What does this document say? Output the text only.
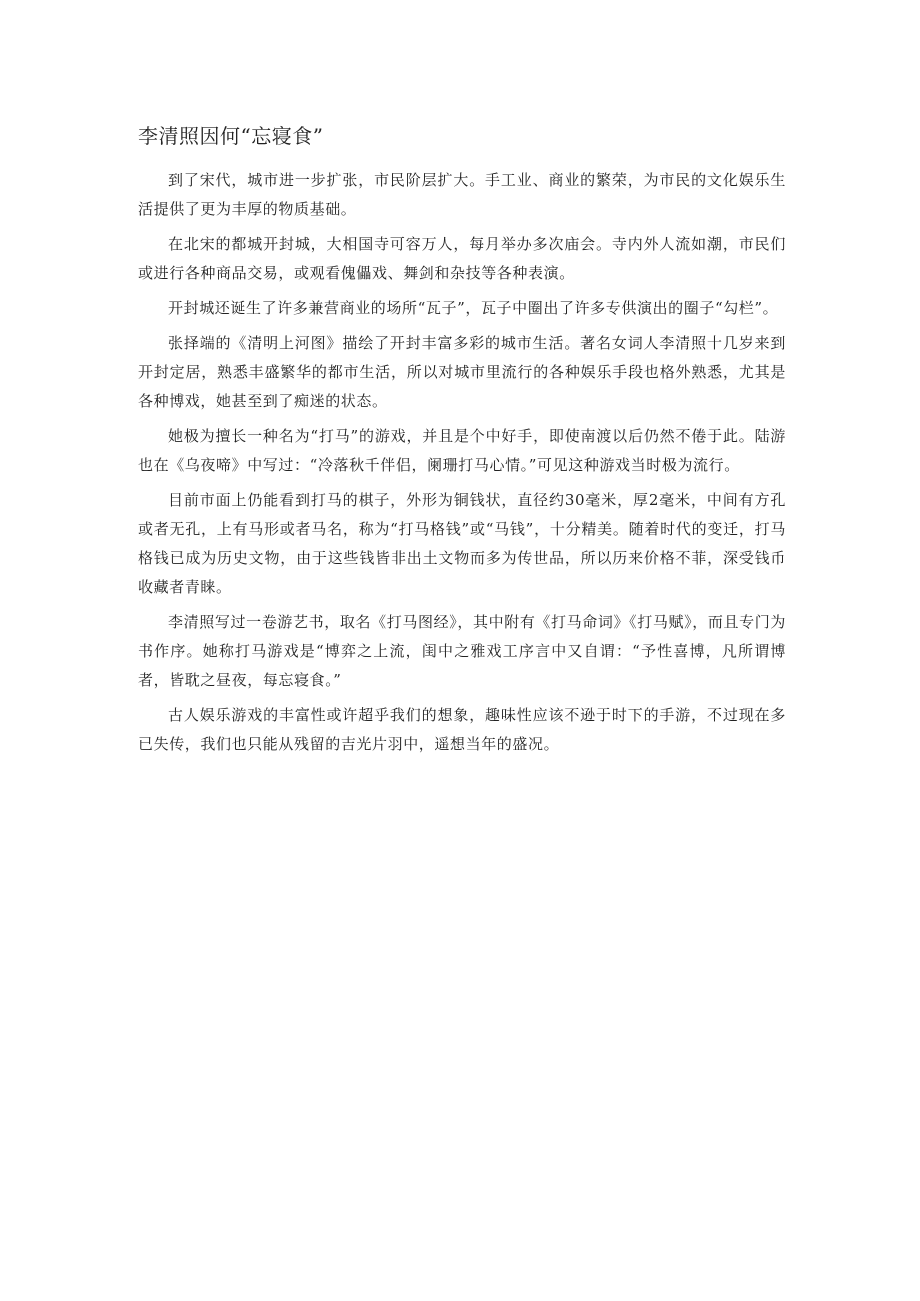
李清照因何“忘寝食”

到了宋代，城市进一步扩张，市民阶层扩大。手工业、商业的繁荣，为市民的文化娱乐生活提供了更为丰厚的物质基础。

在北宋的都城开封城，大相国寺可容万人，每月举办多次庙会。寺内外人流如潮，市民们或进行各种商品交易，或观看傀儡戏、舞剑和杂技等各种表演。

开封城还诞生了许多兼营商业的场所“瓦子”，瓦子中圈出了许多专供演出的圈子“勾栏”。

张择端的《清明上河图》描绘了开封丰富多彩的城市生活。著名女词人李清照十几岁来到开封定居，熟悉丰盛繁华的都市生活，所以对城市里流行的各种娱乐手段也格外熟悉，尤其是各种博戏，她甚至到了痴迷的状态。

她极为擅长一种名为“打马”的游戏，并且是个中好手，即使南渡以后仍然不倦于此。陆游也在《乌夜啼》中写过：“冷落秋千伴侣，阑珊打马心情。”可见这种游戏当时极为流行。

目前市面上仍能看到打马的棋子，外形为铜钱状，直径约30毫米，厚2毫米，中间有方孔或者无孔，上有马形或者马名，称为“打马格钱”或“马钱”，十分精美。随着时代的变迁，打马格钱已成为历史文物，由于这些钱皆非出土文物而多为传世品，所以历来价格不菲，深受钱币收藏者青睐。

李清照写过一卷游艺书，取名《打马图经》，其中附有《打马命词》《打马赋》，而且专门为书作序。她称打马游戏是“博弈之上流，闺中之雅戏工序言中又自谓：“予性喜博，凡所谓博者，皆耽之昼夜，每忘寝食。”

古人娱乐游戏的丰富性或许超乎我们的想象，趣味性应该不逊于时下的手游，不过现在多已失传，我们也只能从残留的吉光片羽中，遥想当年的盛况。
